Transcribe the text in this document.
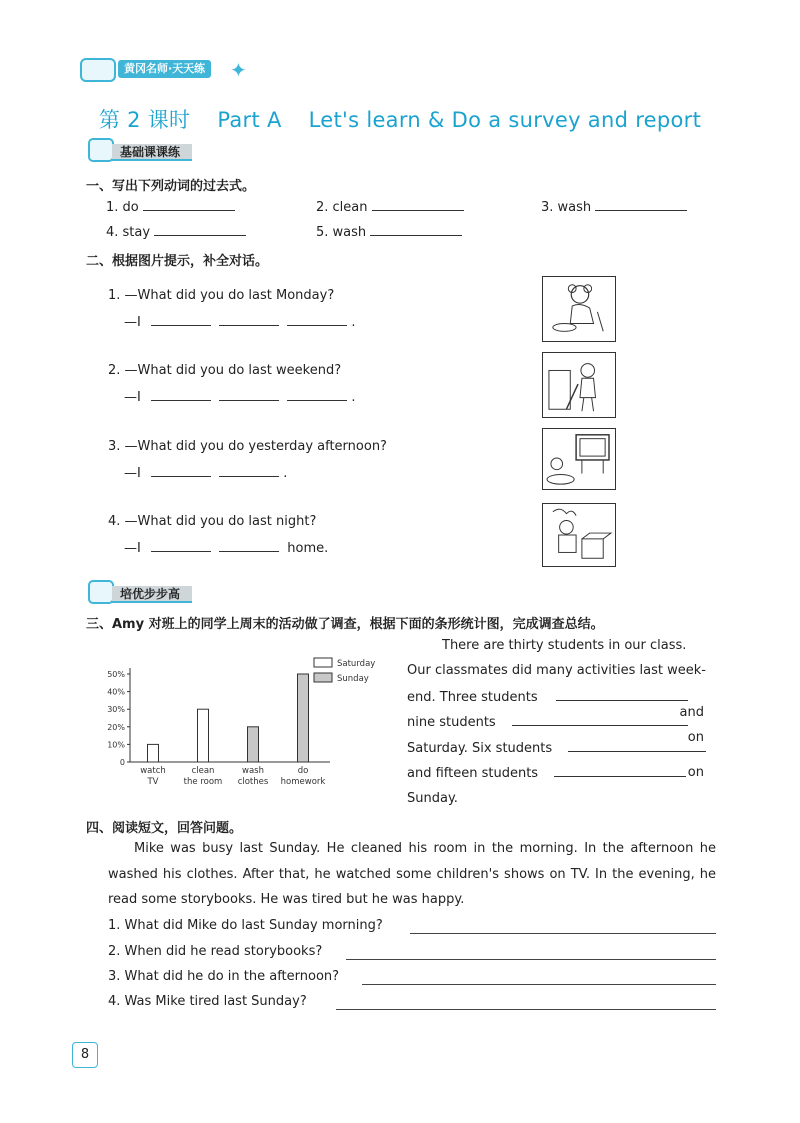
黄冈名师·天天练	✦
第 2 课时 Part A Let's learn & Do a survey and report
基础课课练
一、写出下列动词的过去式。
1. do	2. clean	3. wash
4. stay	5. wash
二、根据图片提示，补全对话。
1. —What did you do last Monday?
—I	.
2. —What did you do last weekend?
—I	.
3. —What did you do yesterday afternoon?
—I	.
4. —What did you do last night?
—I	home.
培优步步高
三、Amy 对班上的同学上周末的活动做了调查，根据下面的条形统计图，完成调查总结。
0
10%
20%
30%
40%
50%
watch
TV
clean
the room
wash
clothes
do
homework
Saturday
Sunday
There are thirty students in our class.
Our classmates did many activities last week-
end. Three students
and
nine students
on
Saturday. Six students
and fifteen students	on
Sunday.
四、阅读短文，回答问题。
Mike was busy last Sunday. He cleaned his room in the morning. In the afternoon he washed his clothes. After that, he watched some children's shows on TV. In the evening, he read some storybooks. He was tired but he was happy.
1. What did Mike do last Sunday morning?
2. When did he read storybooks?
3. What did he do in the afternoon?
4. Was Mike tired last Sunday?
8
